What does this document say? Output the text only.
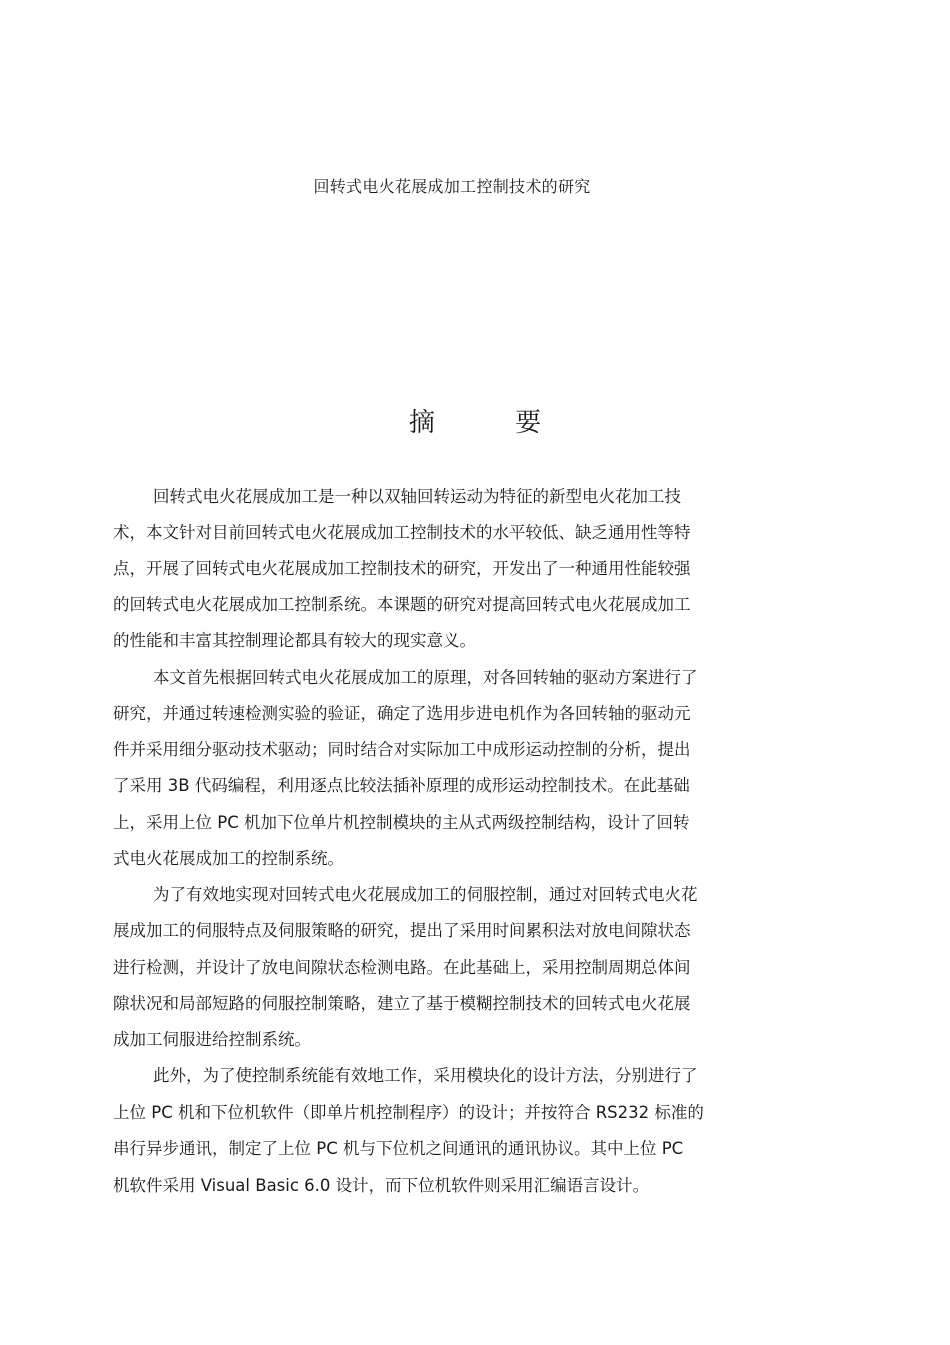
回转式电火花展成加工控制技术的研究
摘 要

回转式电火花展成加工是一种以双轴回转运动为特征的新型电火花加工技

术，本文针对目前回转式电火花展成加工控制技术的水平较低、缺乏通用性等特

点，开展了回转式电火花展成加工控制技术的研究，开发出了一种通用性能较强

的回转式电火花展成加工控制系统。本课题的研究对提高回转式电火花展成加工

的性能和丰富其控制理论都具有较大的现实意义。

本文首先根据回转式电火花展成加工的原理，对各回转轴的驱动方案进行了

研究，并通过转速检测实验的验证，确定了选用步进电机作为各回转轴的驱动元

件并采用细分驱动技术驱动；同时结合对实际加工中成形运动控制的分析，提出

了采用 3B 代码编程，利用逐点比较法插补原理的成形运动控制技术。在此基础

上，采用上位 PC 机加下位单片机控制模块的主从式两级控制结构，设计了回转

式电火花展成加工的控制系统。

为了有效地实现对回转式电火花展成加工的伺服控制，通过对回转式电火花

展成加工的伺服特点及伺服策略的研究，提出了采用时间累积法对放电间隙状态

进行检测，并设计了放电间隙状态检测电路。在此基础上，采用控制周期总体间

隙状况和局部短路的伺服控制策略，建立了基于模糊控制技术的回转式电火花展

成加工伺服进给控制系统。

此外，为了使控制系统能有效地工作，采用模块化的设计方法，分别进行了

上位 PC 机和下位机软件（即单片机控制程序）的设计；并按符合 RS232 标准的

串行异步通讯，制定了上位 PC 机与下位机之间通讯的通讯协议。其中上位 PC

机软件采用 Visual Basic 6.0 设计，而下位机软件则采用汇编语言设计。
